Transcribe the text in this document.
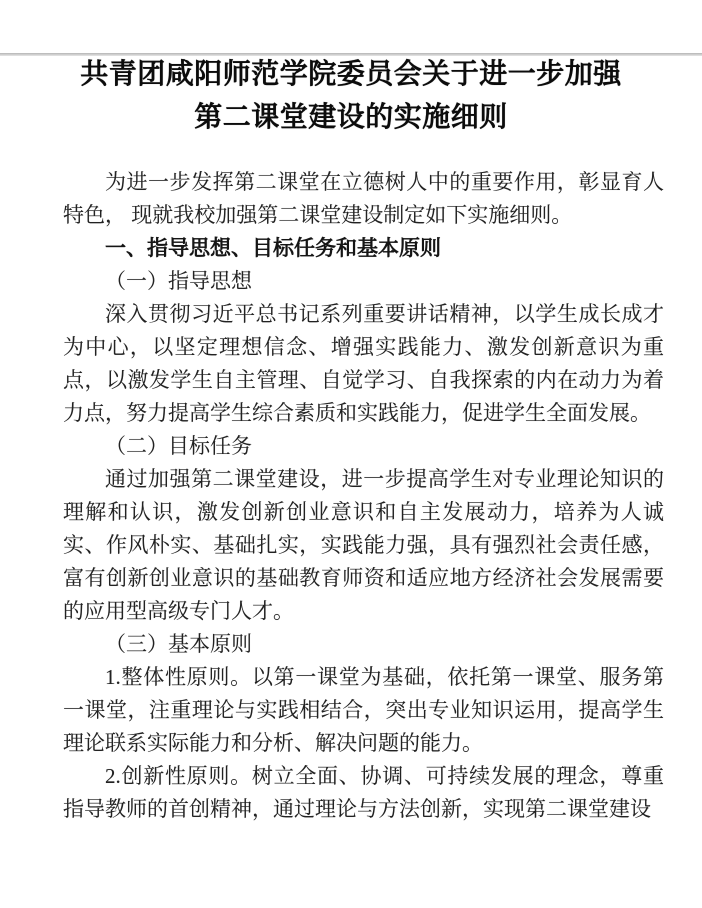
共青团咸阳师范学院委员会关于进一步加强
第二课堂建设的实施细则

为进一步发挥第二课堂在立德树人中的重要作用，彰显育人特色， 现就我校加强第二课堂建设制定如下实施细则。

一、指导思想、目标任务和基本原则

（一）指导思想

深入贯彻习近平总书记系列重要讲话精神，以学生成长成才为中心，以坚定理想信念、增强实践能力、激发创新意识为重点，以激发学生自主管理、自觉学习、自我探索的内在动力为着力点，努力提高学生综合素质和实践能力，促进学生全面发展。

（二）目标任务

通过加强第二课堂建设，进一步提高学生对专业理论知识的理解和认识，激发创新创业意识和自主发展动力，培养为人诚实、作风朴实、基础扎实，实践能力强，具有强烈社会责任感，富有创新创业意识的基础教育师资和适应地方经济社会发展需要的应用型高级专门人才。

（三）基本原则

1.整体性原则。以第一课堂为基础，依托第一课堂、服务第一课堂，注重理论与实践相结合，突出专业知识运用，提高学生理论联系实际能力和分析、解决问题的能力。

2.创新性原则。树立全面、协调、可持续发展的理念，尊重指导教师的首创精神，通过理论与方法创新，实现第二课堂建设
